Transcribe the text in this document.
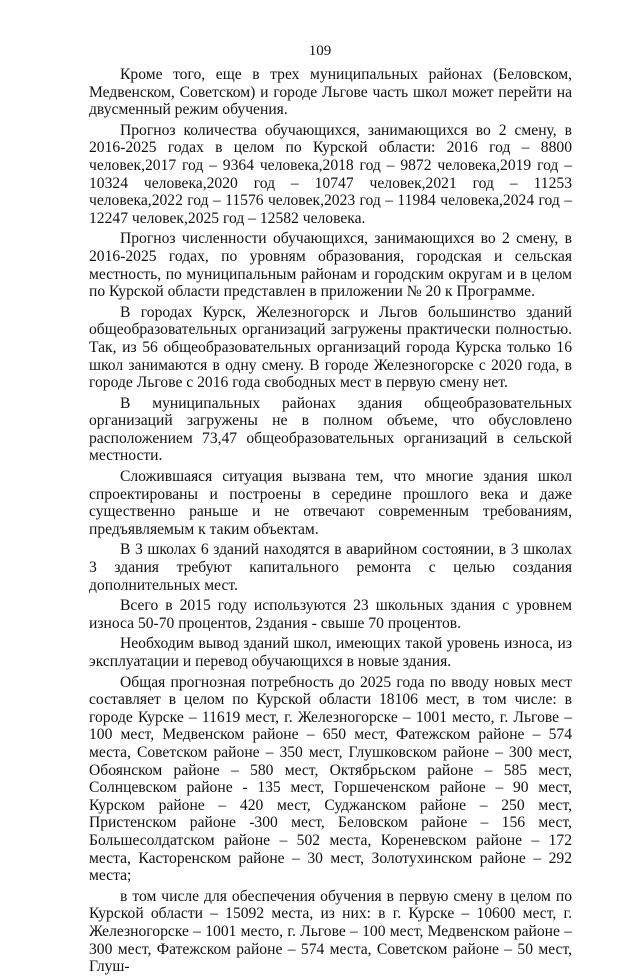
109

Кроме того, еще в трех муниципальных районах (Беловском, Медвенском, Советском) и городе Льгове часть школ может перейти на двусменный режим обучения.

Прогноз количества обучающихся, занимающихся во 2 смену, в 2016-2025 годах в целом по Курской области: 2016 год – 8800 человек,2017 год – 9364 человека,2018 год – 9872 человека,2019 год – 10324 человека,2020 год – 10747 человек,2021 год – 11253 человека,2022 год – 11576 человек,2023 год – 11984 человека,2024 год – 12247 человек,2025 год – 12582 человека.

Прогноз численности обучающихся, занимающихся во 2 смену, в 2016-2025 годах, по уровням образования, городская и сельская местность, по муниципальным районам и городским округам и в целом по Курской области представлен в приложении № 20 к Программе.

В городах Курск, Железногорск и Льгов большинство зданий общеобразовательных организаций загружены практически полностью. Так, из 56 общеобразовательных организаций города Курска только 16 школ занимаются в одну смену. В городе Железногорске с 2020 года, в городе Льгове с 2016 года свободных мест в первую смену нет.

В муниципальных районах здания общеобразовательных организаций загружены не в полном объеме, что обусловлено расположением 73,47 общеобразовательных организаций в сельской местности.

Сложившаяся ситуация вызвана тем, что многие здания школ спроектированы и построены в середине прошлого века и даже существенно раньше и не отвечают современным требованиям, предъявляемым к таким объектам.

В 3 школах 6 зданий находятся в аварийном состоянии, в 3 школах 3 здания требуют капитального ремонта с целью создания дополнительных мест.

Всего в 2015 году используются 23 школьных здания с уровнем износа 50-70 процентов, 2здания - свыше 70 процентов.

Необходим вывод зданий школ, имеющих такой уровень износа, из эксплуатации и перевод обучающихся в новые здания.

Общая прогнозная потребность до 2025 года по вводу новых мест составляет в целом по Курской области 18106 мест, в том числе: в городе Курске – 11619 мест, г. Железногорске – 1001 место, г. Льгове – 100 мест, Медвенском районе – 650 мест, Фатежском районе – 574 места, Советском районе – 350 мест, Глушковском районе – 300 мест, Обоянском районе – 580 мест, Октябрьском районе – 585 мест, Солнцевском районе - 135 мест, Горшеченском районе – 90 мест, Курском районе – 420 мест, Суджанском районе – 250 мест, Пристенском районе -300 мест, Беловском районе – 156 мест, Большесолдатском районе – 502 места, Кореневском районе – 172 места, Касторенском районе – 30 мест, Золотухинском районе – 292 места;

в том числе для обеспечения обучения в первую смену в целом по Курской области – 15092 места, из них: в г. Курске – 10600 мест, г. Железногорске – 1001 место, г. Льгове – 100 мест, Медвенском районе – 300 мест, Фатежском районе – 574 места, Советском районе – 50 мест, Глуш-
